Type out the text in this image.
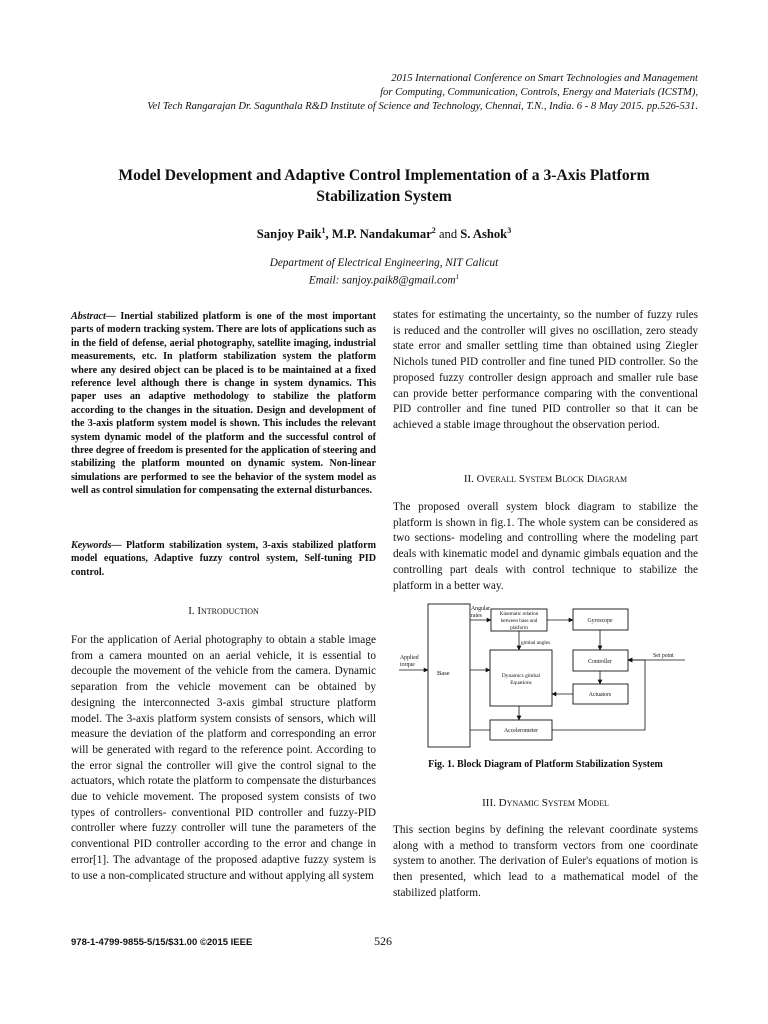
2015 International Conference on Smart Technologies and Management
for Computing, Communication, Controls, Energy and Materials (ICSTM),
Vel Tech Rangarajan Dr. Sagunthala R&D Institute of Science and Technology, Chennai, T.N., India. 6 - 8 May 2015. pp.526-531.
Model Development and Adaptive Control Implementation of a 3-Axis Platform
Stabilization System
Sanjoy Paik$^1$, M.P. Nandakumar$^2$ and S. Ashok$^3$
Department of Electrical Engineering, NIT Calicut
Email: sanjoy.paik8@gmail.com$^1$
Abstract— Inertial stabilized platform is one of the most important parts of modern tracking system. There are lots of applications such as in the field of defense, aerial photography, satellite imaging, industrial measurements, etc. In platform stabilization system the platform where any desired object can be placed is to be maintained at a fixed reference level although there is change in system dynamics. This paper uses an adaptive methodology to stabilize the platform according to the changes in the situation. Design and development of the 3-axis platform system model is shown. This includes the relevant system dynamic model of the platform and the successful control of three degree of freedom is presented for the application of steering and stabilizing the platform mounted on dynamic system. Non-linear simulations are performed to see the behavior of the system model as well as control simulation for compensating the external disturbances.
Keywords— Platform stabilization system, 3-axis stabilized platform model equations, Adaptive fuzzy control system, Self-tuning PID control.
I. Introduction

For the application of Aerial photography to obtain a stable image from a camera mounted on an aerial vehicle, it is essential to decouple the movement of the vehicle from the camera. Dynamic separation from the vehicle movement can be obtained by designing the interconnected 3-axis gimbal structure platform model. The 3-axis platform system consists of sensors, which will measure the deviation of the platform and corresponding an error will be generated with regard to the reference point. According to the error signal the controller will give the control signal to the actuators, which rotate the platform to compensate the disturbances due to vehicle movement. The proposed system consists of two types of controllers- conventional PID controller and fuzzy-PID controller where fuzzy controller will tune the parameters of the conventional PID controller according to the error and change in error[1]. The advantage of the proposed adaptive fuzzy system is to use a non-complicated structure and without applying all system

states for estimating the uncertainty, so the number of fuzzy rules is reduced and the controller will gives no oscillation, zero steady state error and smaller settling time than obtained using Ziegler Nichols tuned PID controller and fine tuned PID controller. So the proposed fuzzy controller design approach and smaller rule base can provide better performance comparing with the conventional PID controller and fine tuned PID controller so that it can be achieved a stable image throughout the observation period.

II. Overall System Block Diagram

The proposed overall system block diagram to stabilize the platform is shown in fig.1. The whole system can be considered as two sections- modeling and controlling where the modeling part deals with kinematic model and dynamic gimbals equation and the controlling part deals with control technique to stabilize the platform in a better way.

Applied
torque
Base
Angular
rates	Kinematic relation
between base and
platform
gimbal angles
Dynamics gimbal
Equations
Gyroscope
Controller
Set point
Actuators
Accelerometer
Fig. 1. Block Diagram of Platform Stabilization System
III. Dynamic System Model

This section begins by defining the relevant coordinate systems along with a method to transform vectors from one coordinate system to another. The derivation of Euler's equations of motion is then presented, which lead to a mathematical model of the stabilized platform.

978-1-4799-9855-5/15/$31.00 ©2015 IEEE	526
